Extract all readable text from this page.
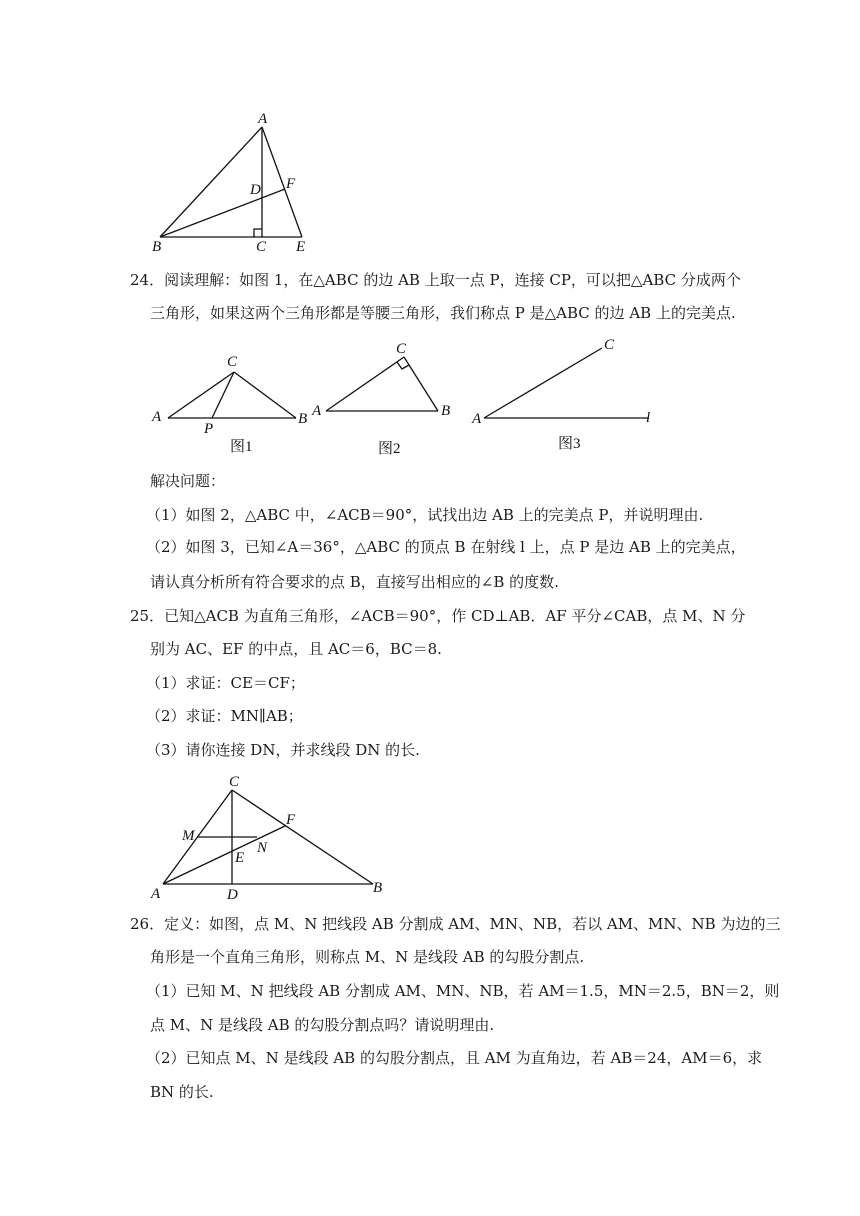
A
B	C
D
E
F
24．阅读理解：如图 1，在△ABC 的边 AB 上取一点 P，连接 CP，可以把△ABC 分成两个
三角形，如果这两个三角形都是等腰三角形，我们称点 P 是△ABC 的边 AB 上的完美点.
A	B
C
P
图1
A	B
C
图2
A
C
l
图3
解决问题：
（1）如图 2，△ABC 中，∠ACB＝90°，试找出边 AB 上的完美点 P，并说明理由.
（2）如图 3，已知∠A＝36°，△ABC 的顶点 B 在射线 l 上，点 P 是边 AB 上的完美点，
请认真分析所有符合要求的点 B，直接写出相应的∠B 的度数.
25．已知△ACB 为直角三角形，∠ACB＝90°，作 CD⊥AB．AF 平分∠CAB，点 M、N 分
别为 AC、EF 的中点，且 AC＝6，BC＝8.
（1）求证：CE＝CF；
（2）求证：MN∥AB；
（3）请你连接 DN，并求线段 DN 的长.
A	B
C
D
E
F
M
N
26．定义：如图，点 M、N 把线段 AB 分割成 AM、MN、NB，若以 AM、MN、NB 为边的三
角形是一个直角三角形，则称点 M、N 是线段 AB 的勾股分割点.
（1）已知 M、N 把线段 AB 分割成 AM、MN、NB，若 AM＝1.5，MN＝2.5，BN＝2，则
点 M、N 是线段 AB 的勾股分割点吗？请说明理由.
（2）已知点 M、N 是线段 AB 的勾股分割点，且 AM 为直角边，若 AB＝24，AM＝6，求
BN 的长.
